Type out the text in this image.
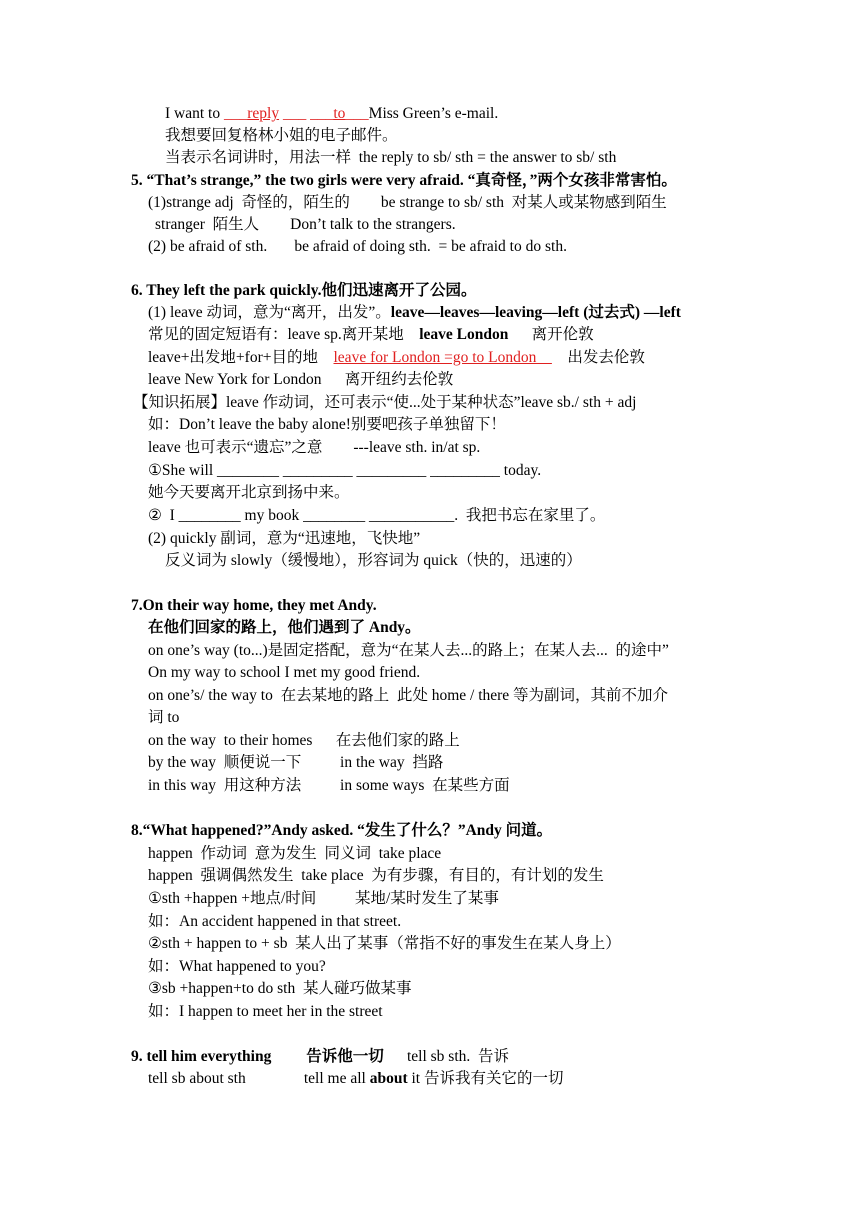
I want to ___reply ___ ___to___Miss Green’s e-mail.
我想要回复格林小姐的电子邮件。
当表示名词讲时，用法一样  the reply to sb/ sth = the answer to sb/ sth
5. “That’s strange,” the two girls were very afraid. “真奇怪，”两个女孩非常害怕。
(1)strange adj  奇怪的，陌生的        be strange to sb/ sth  对某人或某物感到陌生
stranger  陌生人        Don’t talk to the strangers.
(2) be afraid of sth.       be afraid of doing sth.  = be afraid to do sth.
6. They left the park quickly.他们迅速离开了公园。
(1) leave 动词，意为“离开，出发”。leave—leaves—leaving—left (过去式) —left
常见的固定短语有：leave sp.离开某地    leave London      离开伦敦
leave+出发地+for+目的地    leave for London =go to London        出发去伦敦
leave New York for London      离开纽约去伦敦
【知识拓展】leave 作动词，还可表示“使...处于某种状态”leave sb./ sth + adj
如：Don’t leave the baby alone!别要吧孩子单独留下！
leave 也可表示“遗忘”之意        ---leave sth. in/at sp.
①She will ________ _________ _________ _________ today.
她今天要离开北京到扬中来。
②  I ________ my book ________ ___________.  我把书忘在家里了。
(2) quickly 副词，意为“迅速地，飞快地”
反义词为 slowly（缓慢地），形容词为 quick（快的，迅速的）
7.On their way home, they met Andy.
在他们回家的路上，他们遇到了 Andy。
on one’s way (to...)是固定搭配，意为“在某人去...的路上；在某人去...  的途中”
On my way to school I met my good friend.
on one’s/ the way to  在去某地的路上  此处 home / there 等为副词，其前不加介
词 to
on the way  to their homes      在去他们家的路上
by the way  顺便说一下          in the way  挡路
in this way  用这种方法          in some ways  在某些方面
8.“What happened?”Andy asked. “发生了什么？”Andy 问道。
happen  作动词  意为发生  同义词  take place
happen  强调偶然发生  take place  为有步骤，有目的，有计划的发生
①sth +happen +地点/时间          某地/某时发生了某事
如：An accident happened in that street.
②sth + happen to + sb  某人出了某事（常指不好的事发生在某人身上）
如：What happened to you?
③sb +happen+to do sth  某人碰巧做某事
如：I happen to meet her in the street
9. tell him everything         告诉他一切      tell sb sth.  告诉
tell sb about sth               tell me all about it 告诉我有关它的一切
